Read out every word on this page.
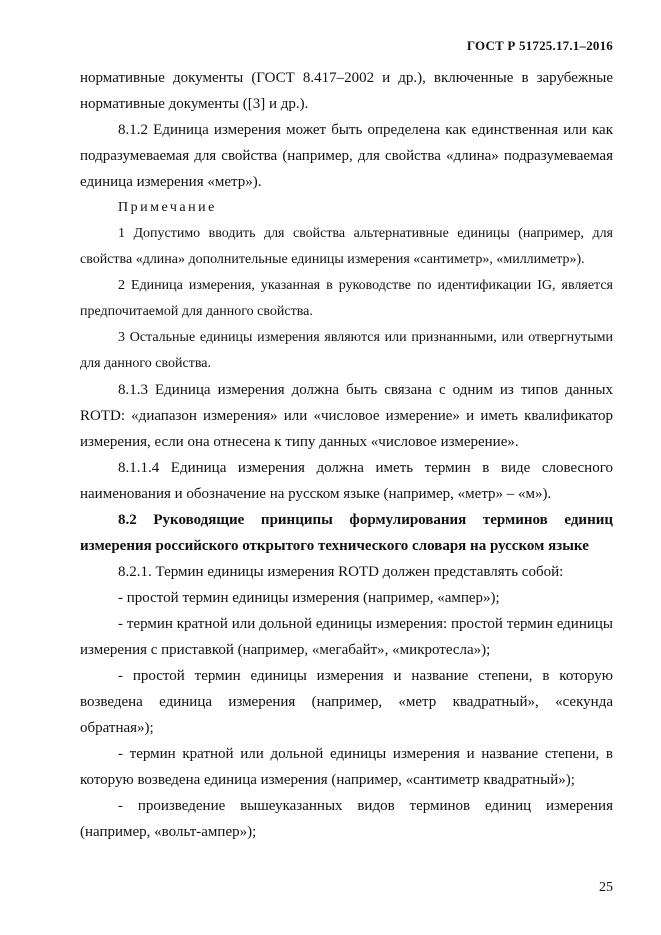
ГОСТ Р 51725.17.1–2016

нормативные документы (ГОСТ 8.417–2002 и др.), включенные в зарубежные нормативные документы ([3] и др.).

8.1.2 Единица измерения может быть определена как единственная или как подразумеваемая для свойства (например, для свойства «длина» подразумеваемая единица измерения «метр»).

Примечание

1 Допустимо вводить для свойства альтернативные единицы (например, для свойства «длина» дополнительные единицы измерения «сантиметр», «миллиметр»).

2 Единица измерения, указанная в руководстве по идентификации IG, является предпочитаемой для данного свойства.

3 Остальные единицы измерения являются или признанными, или отвергнутыми для данного свойства.

8.1.3 Единица измерения должна быть связана с одним из типов данных ROTD: «диапазон измерения» или «числовое измерение» и иметь квалификатор измерения, если она отнесена к типу данных «числовое измерение».

8.1.1.4 Единица измерения должна иметь термин в виде словесного наименования и обозначение на русском языке (например, «метр» – «м»).

8.2 Руководящие принципы формулирования терминов единиц измерения российского открытого технического словаря на русском языке

8.2.1. Термин единицы измерения ROTD должен представлять собой:

- простой термин единицы измерения (например, «ампер»);

- термин кратной или дольной единицы измерения: простой термин единицы измерения с приставкой (например, «мегабайт», «микротесла»);

- простой термин единицы измерения и название степени, в которую возведена единица измерения (например, «метр квадратный», «секунда обратная»);

- термин кратной или дольной единицы измерения и название степени, в которую возведена единица измерения (например, «сантиметр квадратный»);

- произведение вышеуказанных видов терминов единиц измерения (например, «вольт-ампер»);

25
